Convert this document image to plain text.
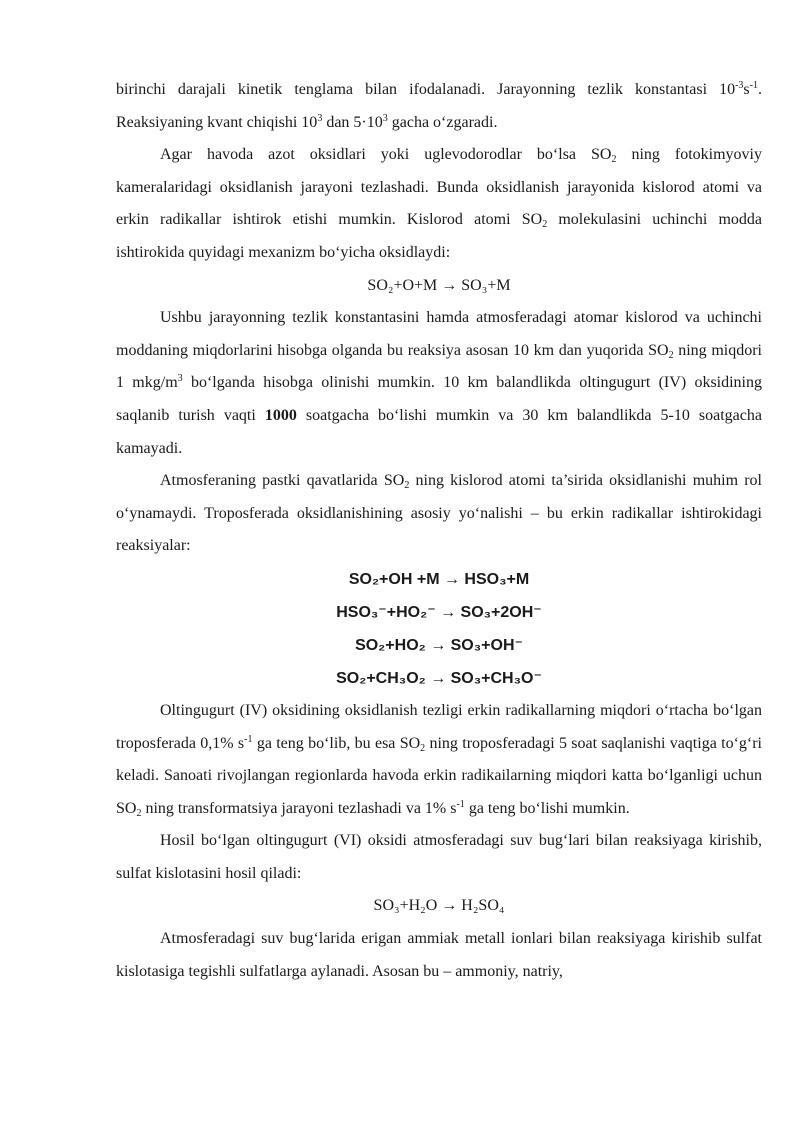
birinchi darajali kinetik tenglama bilan ifodalanadi. Jarayonning tezlik konstantasi $10^{-3}s^{-1}$. Reaksiyaning kvant chiqishi $10^3$ dan $5\cdot 10^3$ gacha o‘zgaradi.

Agar havoda azot oksidlari yoki uglevodorodlar bo‘lsa $SO_2$ ning fotokimyoviy kameralaridagi oksidlanish jarayoni tezlashadi. Bunda oksidlanish jarayonida kislorod atomi va erkin radikallar ishtirok etishi mumkin. Kislorod atomi $SO_2$ molekulasini uchinchi modda ishtirokida quyidagi mexanizm bo‘yicha oksidlaydi:

SO₂+O+M → SO₃+M

Ushbu jarayonning tezlik konstantasini hamda atmosferadagi atomar kislorod va uchinchi moddaning miqdorlarini hisobga olganda bu reaksiya asosan 10 km dan yuqorida $SO_2$ ning miqdori 1 mkg/$m^3$ bo‘lganda hisobga olinishi mumkin. 10 km balandlikda oltingugurt (IV) oksidining saqlanib turish vaqti 1000 soatgacha bo‘lishi mumkin va 30 km balandlikda 5-10 soatgacha kamayadi.

Atmosferaning pastki qavatlarida $SO_2$ ning kislorod atomi ta’sirida oksidlanishi muhim rol o‘ynamaydi. Troposferada oksidlanishining asosiy yo‘nalishi – bu erkin radikallar ishtirokidagi reaksiyalar:

SO₂+OH +M → HSO₃+M

HSO₃⁻+HO₂⁻ → SO₃+2OH⁻

SO₂+HO₂ → SO₃+OH⁻

SO₂+CH₃O₂ → SO₃+CH₃O⁻

Oltingugurt (IV) oksidining oksidlanish tezligi erkin radikallarning miqdori o‘rtacha bo‘lgan troposferada 0,1% $s^{-1}$ ga teng bo‘lib, bu esa $SO_2$ ning troposferadagi 5 soat saqlanishi vaqtiga to‘g‘ri keladi. Sanoati rivojlangan regionlarda havoda erkin radikailarning miqdori katta bo‘lganligi uchun $SO_2$ ning transformatsiya jarayoni tezlashadi va 1% $s^{-1}$ ga teng bo‘lishi mumkin.

Hosil bo‘lgan oltingugurt (VI) oksidi atmosferadagi suv bug‘lari bilan reaksiyaga kirishib, sulfat kislotasini hosil qiladi:

SO₃+H₂O → H₂SO₄

Atmosferadagi suv bug‘larida erigan ammiak metall ionlari bilan reaksiyaga kirishib sulfat kislotasiga tegishli sulfatlarga aylanadi. Asosan bu – ammoniy, natriy,
